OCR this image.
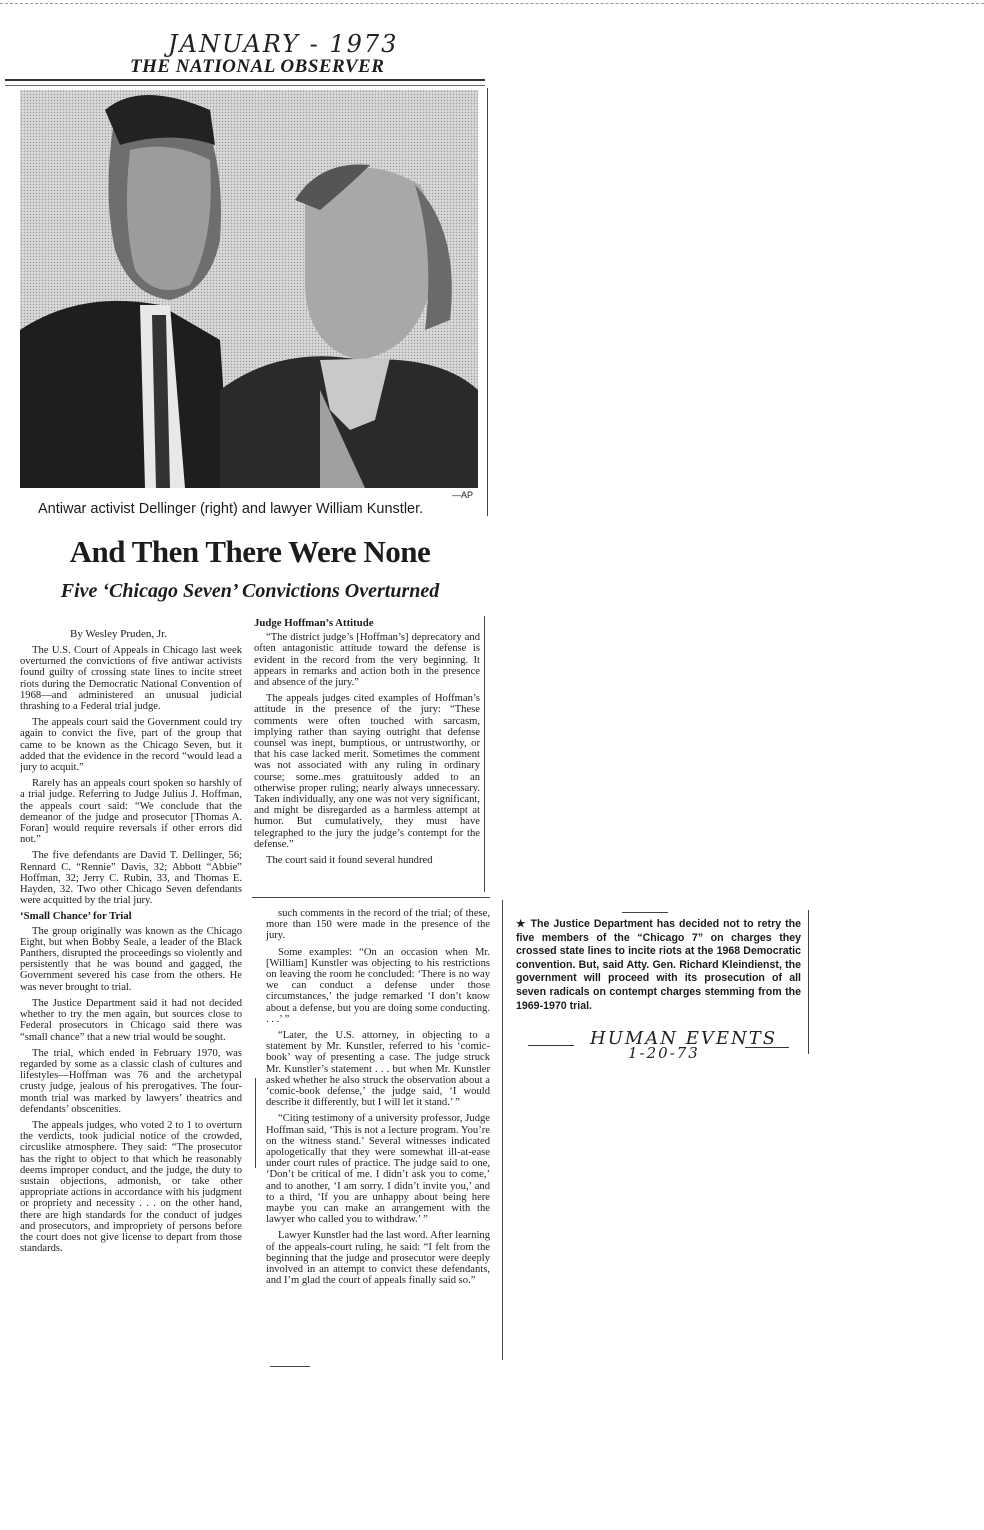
JANUARY - 1973
THE NATIONAL OBSERVER
—AP
Antiwar activist Dellinger (right) and lawyer William Kunstler.
And Then There Were None
Five ‘Chicago Seven’ Convictions Overturned
By Wesley Pruden, Jr.

The U.S. Court of Appeals in Chicago last week overturned the convictions of five antiwar activists found guilty of crossing state lines to incite street riots during the Democratic National Convention of 1968—and administered an unusual judicial thrashing to a Federal trial judge.

The appeals court said the Government could try again to convict the five, part of the group that came to be known as the Chicago Seven, but it added that the evidence in the record “would lead a jury to acquit.”

Rarely has an appeals court spoken so harshly of a trial judge. Referring to Judge Julius J. Hoffman, the appeals court said: “We conclude that the demeanor of the judge and prosecutor [Thomas A. Foran] would require reversals if other errors did not.”

The five defendants are David T. Dellinger, 56; Rennard C. “Rennie” Davis, 32; Abbott “Abbie” Hoffman, 32; Jerry C. Rubin, 33, and Thomas E. Hayden, 32. Two other Chicago Seven defendants were acquitted by the trial jury.

‘Small Chance’ for Trial

The group originally was known as the Chicago Eight, but when Bobby Seale, a leader of the Black Panthers, disrupted the proceedings so violently and persistently that he was bound and gagged, the Government severed his case from the others. He was never brought to trial.

The Justice Department said it had not decided whether to try the men again, but sources close to Federal prosecutors in Chicago said there was “small chance” that a new trial would be sought.

The trial, which ended in February 1970, was regarded by some as a classic clash of cultures and lifestyles—Hoffman was 76 and the archetypal crusty judge, jealous of his prerogatives. The four-month trial was marked by lawyers’ theatrics and defendants’ obscenities.

The appeals judges, who voted 2 to 1 to overturn the verdicts, took judicial notice of the crowded, circuslike atmosphere. They said: “The prosecutor has the right to object to that which he reasonably deems improper conduct, and the judge, the duty to sustain objections, admonish, or take other appropriate actions in accordance with his judgment or propriety and necessity . . . on the other hand, there are high standards for the conduct of judges and prosecutors, and impropriety of persons before the court does not give license to depart from those standards.

Judge Hoffman’s Attitude

“The district judge’s [Hoffman’s] deprecatory and often antagonistic attitude toward the defense is evident in the record from the very beginning. It appears in remarks and action both in the presence and absence of the jury.”

The appeals judges cited examples of Hoffman’s attitude in the presence of the jury: “These comments were often touched with sarcasm, implying rather than saying outright that defense counsel was inept, bumptious, or untrustworthy, or that his case lacked merit. Sometimes the comment was not associated with any ruling in ordinary course; some..mes gratuitously added to an otherwise proper ruling; nearly always unnecessary. Taken individually, any one was not very significant, and might be disregarded as a harmless attempt at humor. But cumulatively, they must have telegraphed to the jury the judge’s contempt for the defense.”

The court said it found several hundred

such comments in the record of the trial; of these, more than 150 were made in the presence of the jury.

Some examples: “On an occasion when Mr. [William] Kunstler was objecting to his restrictions on leaving the room he concluded: ‘There is no way we can conduct a defense under those circumstances,’ the judge remarked ‘I don’t know about a defense, but you are doing some conducting. . . .’ ”

“Later, the U.S. attorney, in objecting to a statement by Mr. Kunstler, referred to his ‘comic-book’ way of presenting a case. The judge struck Mr. Kunstler’s statement . . . but when Mr. Kunstler asked whether he also struck the observation about a ‘comic-book defense,’ the judge said, ‘I would describe it differently, but I will let it stand.’ ”

“Citing testimony of a university professor, Judge Hoffman said, ‘This is not a lecture program. You’re on the witness stand.’ Several witnesses indicated apologetically that they were somewhat ill-at-ease under court rules of practice. The judge said to one, ‘Don’t be critical of me. I didn’t ask you to come,’ and to another, ‘I am sorry. I didn’t invite you,’ and to a third, ‘If you are unhappy about being here maybe you can make an arrangement with the lawyer who called you to withdraw.’ ”

Lawyer Kunstler had the last word. After learning of the appeals-court ruling, he said: “I felt from the beginning that the judge and prosecutor were deeply involved in an attempt to convict these defendants, and I’m glad the court of appeals finally said so.”

★ The Justice Department has decided not to retry the five members of the “Chicago 7” on charges they crossed state lines to incite riots at the 1968 Democratic convention. But, said Atty. Gen. Richard Kleindienst, the government will proceed with its prosecution of all seven radicals on contempt charges stemming from the 1969-1970 trial.
HUMAN EVENTS
1-20-73
